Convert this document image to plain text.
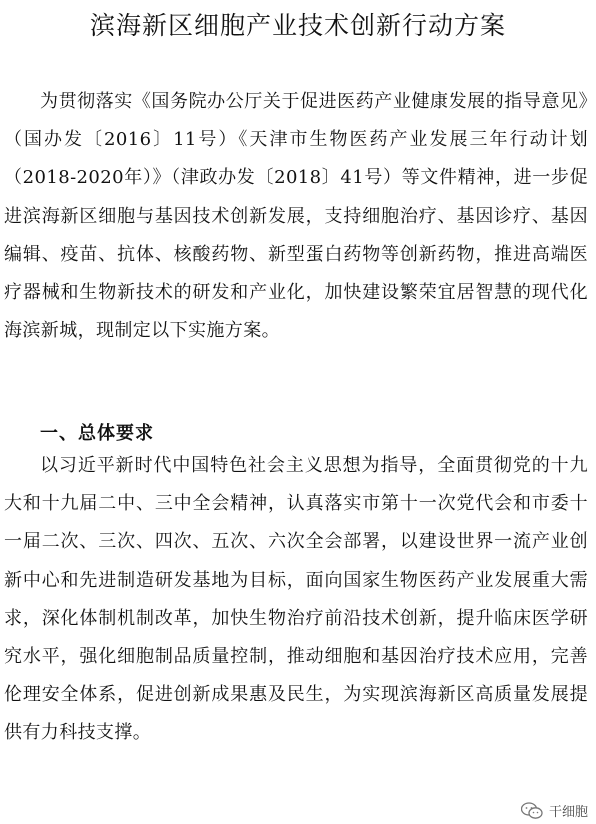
滨海新区细胞产业技术创新行动方案

为贯彻落实《国务院办公厅关于促进医药产业健康发展的指导意见》（国办发〔2016〕11号）《天津市生物医药产业发展三年行动计划（2018-2020年）》（津政办发〔2018〕41号）等文件精神，进一步促进滨海新区细胞与基因技术创新发展，支持细胞治疗、基因诊疗、基因编辑、疫苗、抗体、核酸药物、新型蛋白药物等创新药物，推进高端医疗器械和生物新技术的研发和产业化，加快建设繁荣宜居智慧的现代化海滨新城，现制定以下实施方案。

一、总体要求

以习近平新时代中国特色社会主义思想为指导，全面贯彻党的十九大和十九届二中、三中全会精神，认真落实市第十一次党代会和市委十一届二次、三次、四次、五次、六次全会部署，以建设世界一流产业创新中心和先进制造研发基地为目标，面向国家生物医药产业发展重大需求，深化体制机制改革，加快生物治疗前沿技术创新，提升临床医学研究水平，强化细胞制品质量控制，推动细胞和基因治疗技术应用，完善伦理安全体系，促进创新成果惠及民生，为实现滨海新区高质量发展提供有力科技支撑。

干细胞
